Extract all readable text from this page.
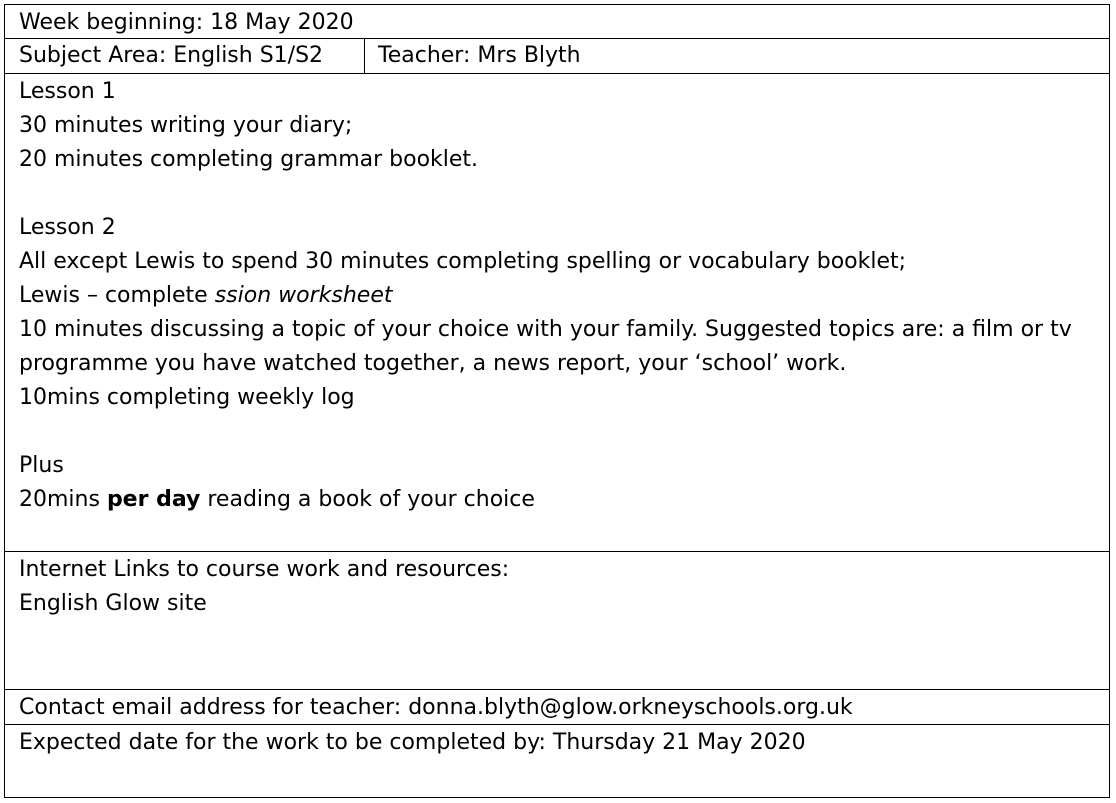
Week beginning: 18 May 2020
Subject Area: English S1/S2	Teacher: Mrs Blyth
Lesson 1
30 minutes writing your diary;
20 minutes completing grammar booklet.
Lesson 2
All except Lewis to spend 30 minutes completing spelling or vocabulary booklet;
Lewis – complete ssion worksheet
10 minutes discussing a topic of your choice with your family. Suggested topics are: a film or tv
programme you have watched together, a news report, your ‘school’ work.
10mins completing weekly log
Plus
20mins per day reading a book of your choice
Internet Links to course work and resources:
English Glow site
Contact email address for teacher: donna.blyth@glow.orkneyschools.org.uk
Expected date for the work to be completed by: Thursday 21 May 2020
